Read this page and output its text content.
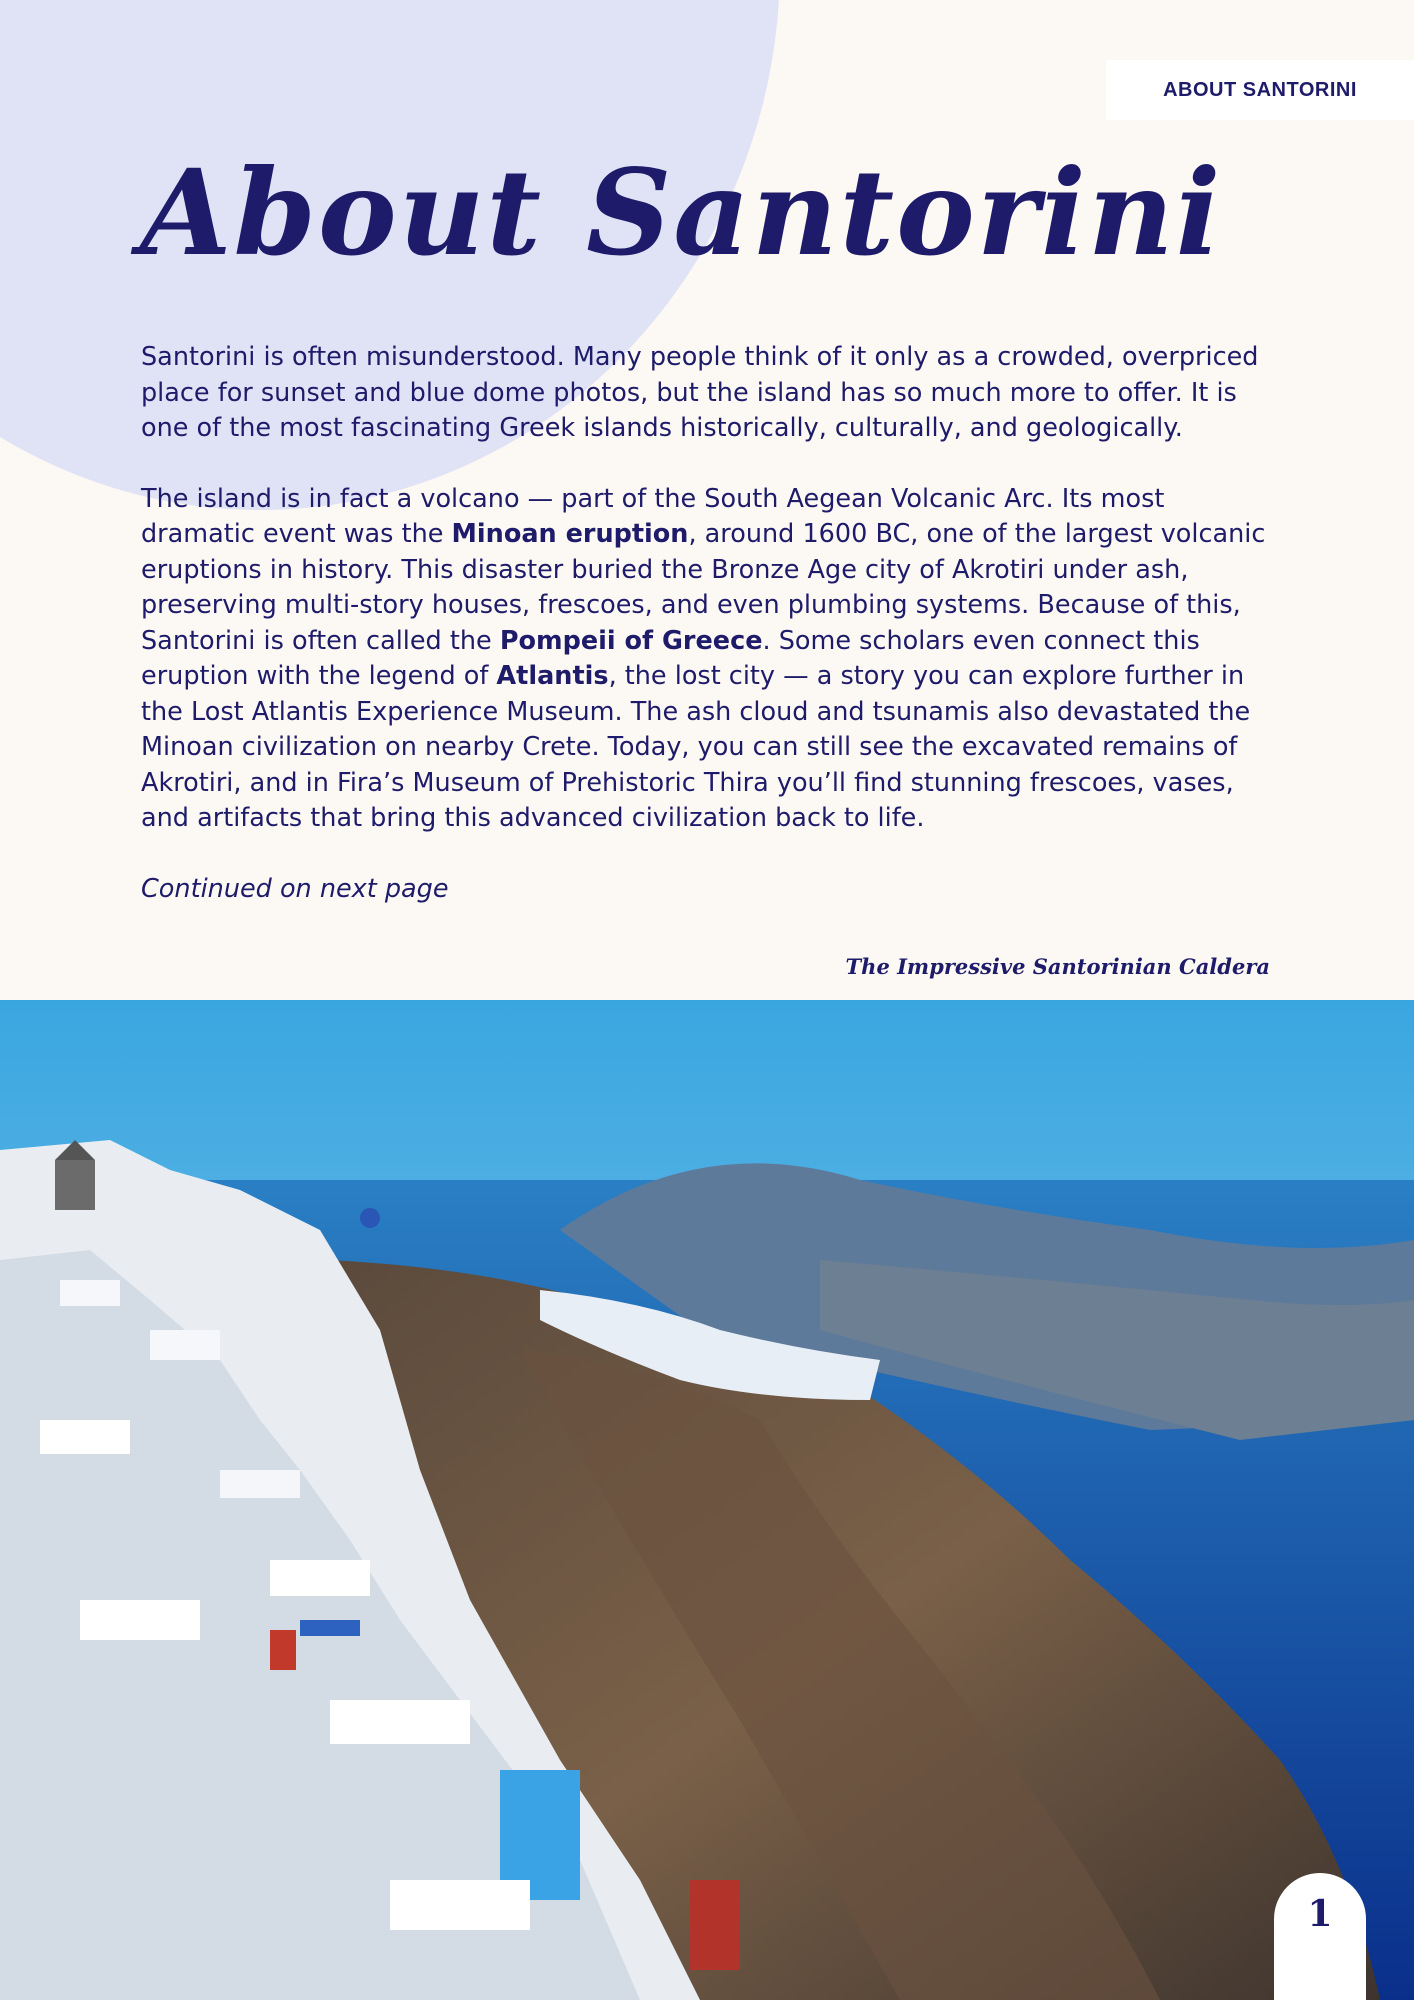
ABOUT SANTORINI
About Santorini

Santorini is often misunderstood. Many people think of it only as a crowded, overpriced place for sunset and blue dome photos, but the island has so much more to offer. It is one of the most fascinating Greek islands historically, culturally, and geologically.

The island is in fact a volcano — part of the South Aegean Volcanic Arc. Its most dramatic event was the Minoan eruption, around 1600 BC, one of the largest volcanic eruptions in history. This disaster buried the Bronze Age city of Akrotiri under ash, preserving multi-story houses, frescoes, and even plumbing systems. Because of this, Santorini is often called the Pompeii of Greece. Some scholars even connect this eruption with the legend of Atlantis, the lost city — a story you can explore further in the Lost Atlantis Experience Museum. The ash cloud and tsunamis also devastated the Minoan civilization on nearby Crete. Today, you can still see the excavated remains of Akrotiri, and in Fira’s Museum of Prehistoric Thira you’ll find stunning frescoes, vases, and artifacts that bring this advanced civilization back to life.

Continued on next page

The Impressive Santorinian Caldera
1
